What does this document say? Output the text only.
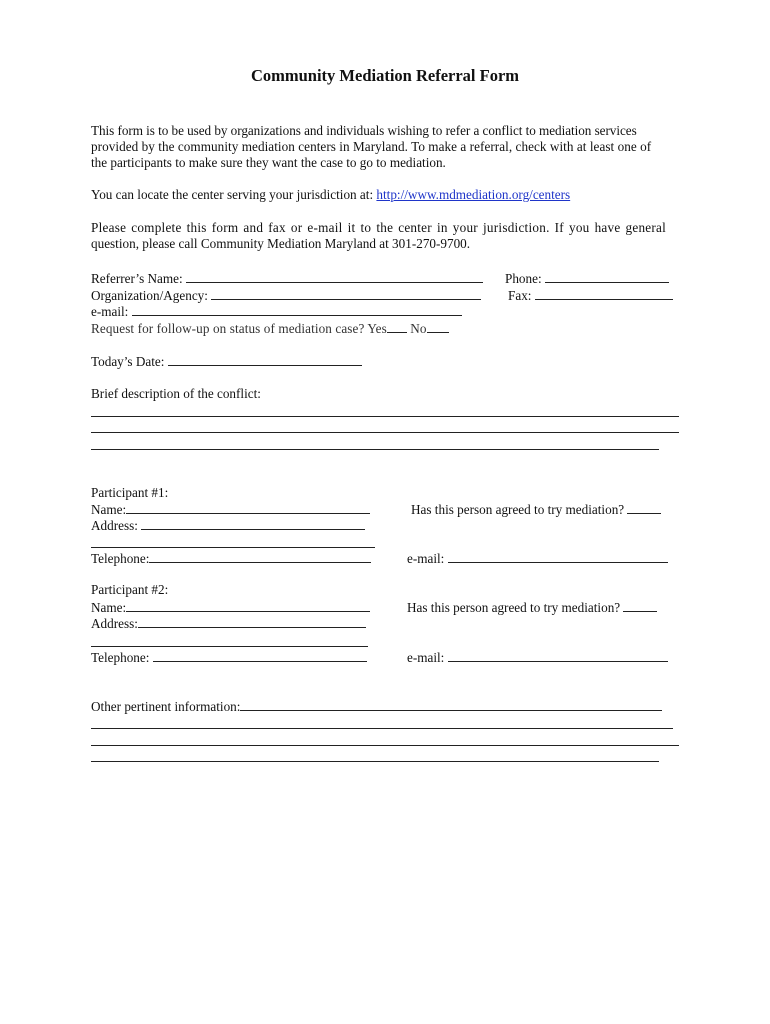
Community Mediation Referral Form
This form is to be used by organizations and individuals wishing to refer a conflict to mediation services
provided by the community mediation centers in Maryland. To make a referral, check with at least one of
the participants to make sure they want the case to go to mediation.
You can locate the center serving your jurisdiction at: http://www.mdmediation.org/centers
Please complete this form and fax or e-mail it to the center in your jurisdiction. If you have general
question, please call Community Mediation Maryland at 301-270-9700.
Referrer’s Name:	Phone:
Organization/Agency:	Fax:
e-mail:
Request for follow-up on status of mediation case? Yes No
Today’s Date:
Brief description of the conflict:
Participant #1:
Name:	Has this person agreed to try mediation?
Address:
Telephone:	e-mail:
Participant #2:
Name:	Has this person agreed to try mediation?
Address:
Telephone:	e-mail:
Other pertinent information:
